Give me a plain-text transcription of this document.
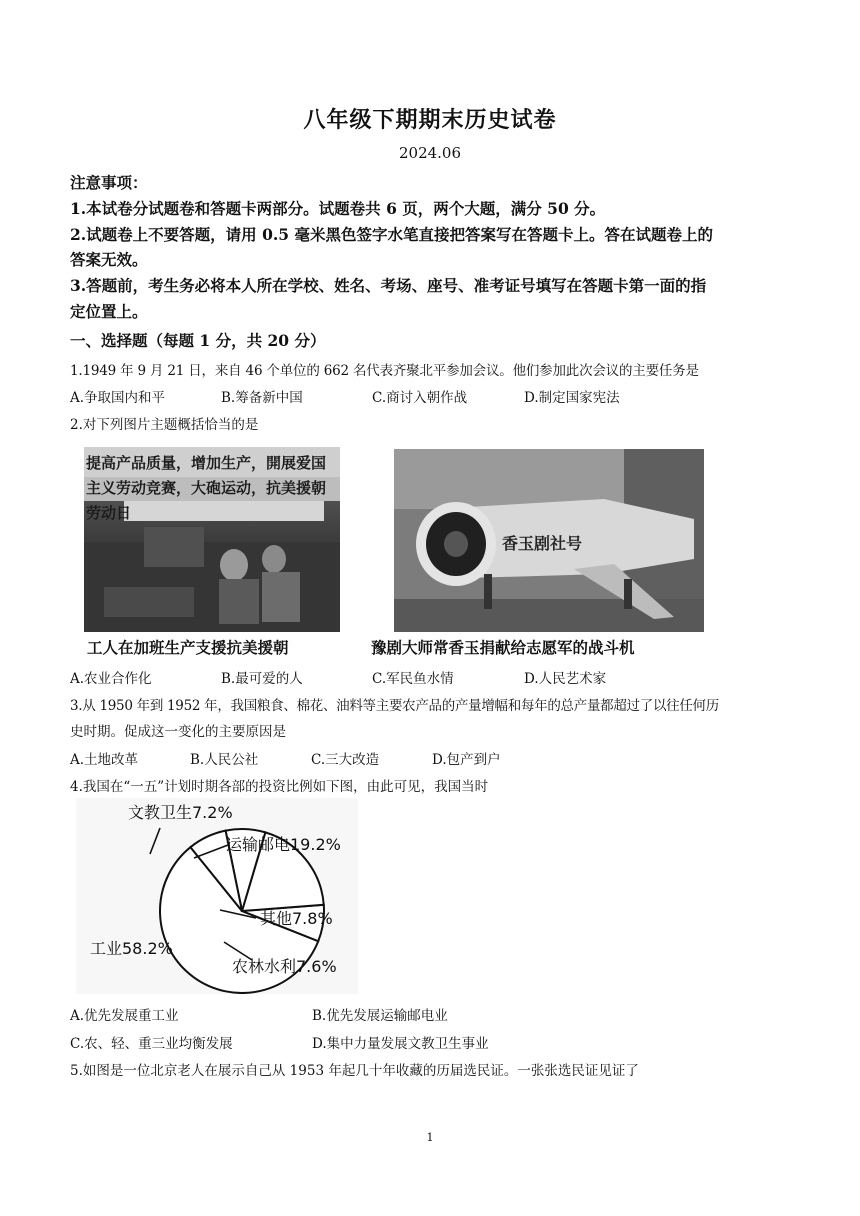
八年级下期期末历史试卷
2024.06
注意事项：
1.本试卷分试题卷和答题卡两部分。试题卷共 6 页，两个大题，满分 50 分。
2.试题卷上不要答题，请用 0.5 毫米黑色签字水笔直接把答案写在答题卡上。答在试题卷上的
答案无效。
3.答题前，考生务必将本人所在学校、姓名、考场、座号、准考证号填写在答题卡第一面的指
定位置上。
一、选择题（每题 1 分，共 20 分）
1.1949 年 9 月 21 日，来自 46 个单位的 662 名代表齐聚北平参加会议。他们参加此次会议的主要任务是
A.争取国内和平	B.筹备新中国	C.商讨入朝作战	D.制定国家宪法
2.对下列图片主题概括恰当的是
提高产品质量，增加生产，開展爱国主义劳动竞赛，大砲运动，抗美援朝劳动日
工人在加班生产支援抗美援朝
香玉剧社号
豫剧大师常香玉捐献给志愿军的战斗机
A.农业合作化	B.最可爱的人	C.军民鱼水情	D.人民艺术家
3.从 1950 年到 1952 年，我国粮食、棉花、油料等主要农产品的产量增幅和每年的总产量都超过了以往任何历
史时期。促成这一变化的主要原因是
A.土地改革	B.人民公社	C.三大改造	D.包产到户
4.我国在“一五”计划时期各部的投资比例如下图，由此可见，我国当时
工业58.2%
文教卫生7.2%
运输邮电19.2%
其他7.8%
农林水利7.6%
A.优先发展重工业	B.优先发展运输邮电业
C.农、轻、重三业均衡发展	D.集中力量发展文教卫生事业
5.如图是一位北京老人在展示自己从 1953 年起几十年收藏的历届选民证。一张张选民证见证了
1
